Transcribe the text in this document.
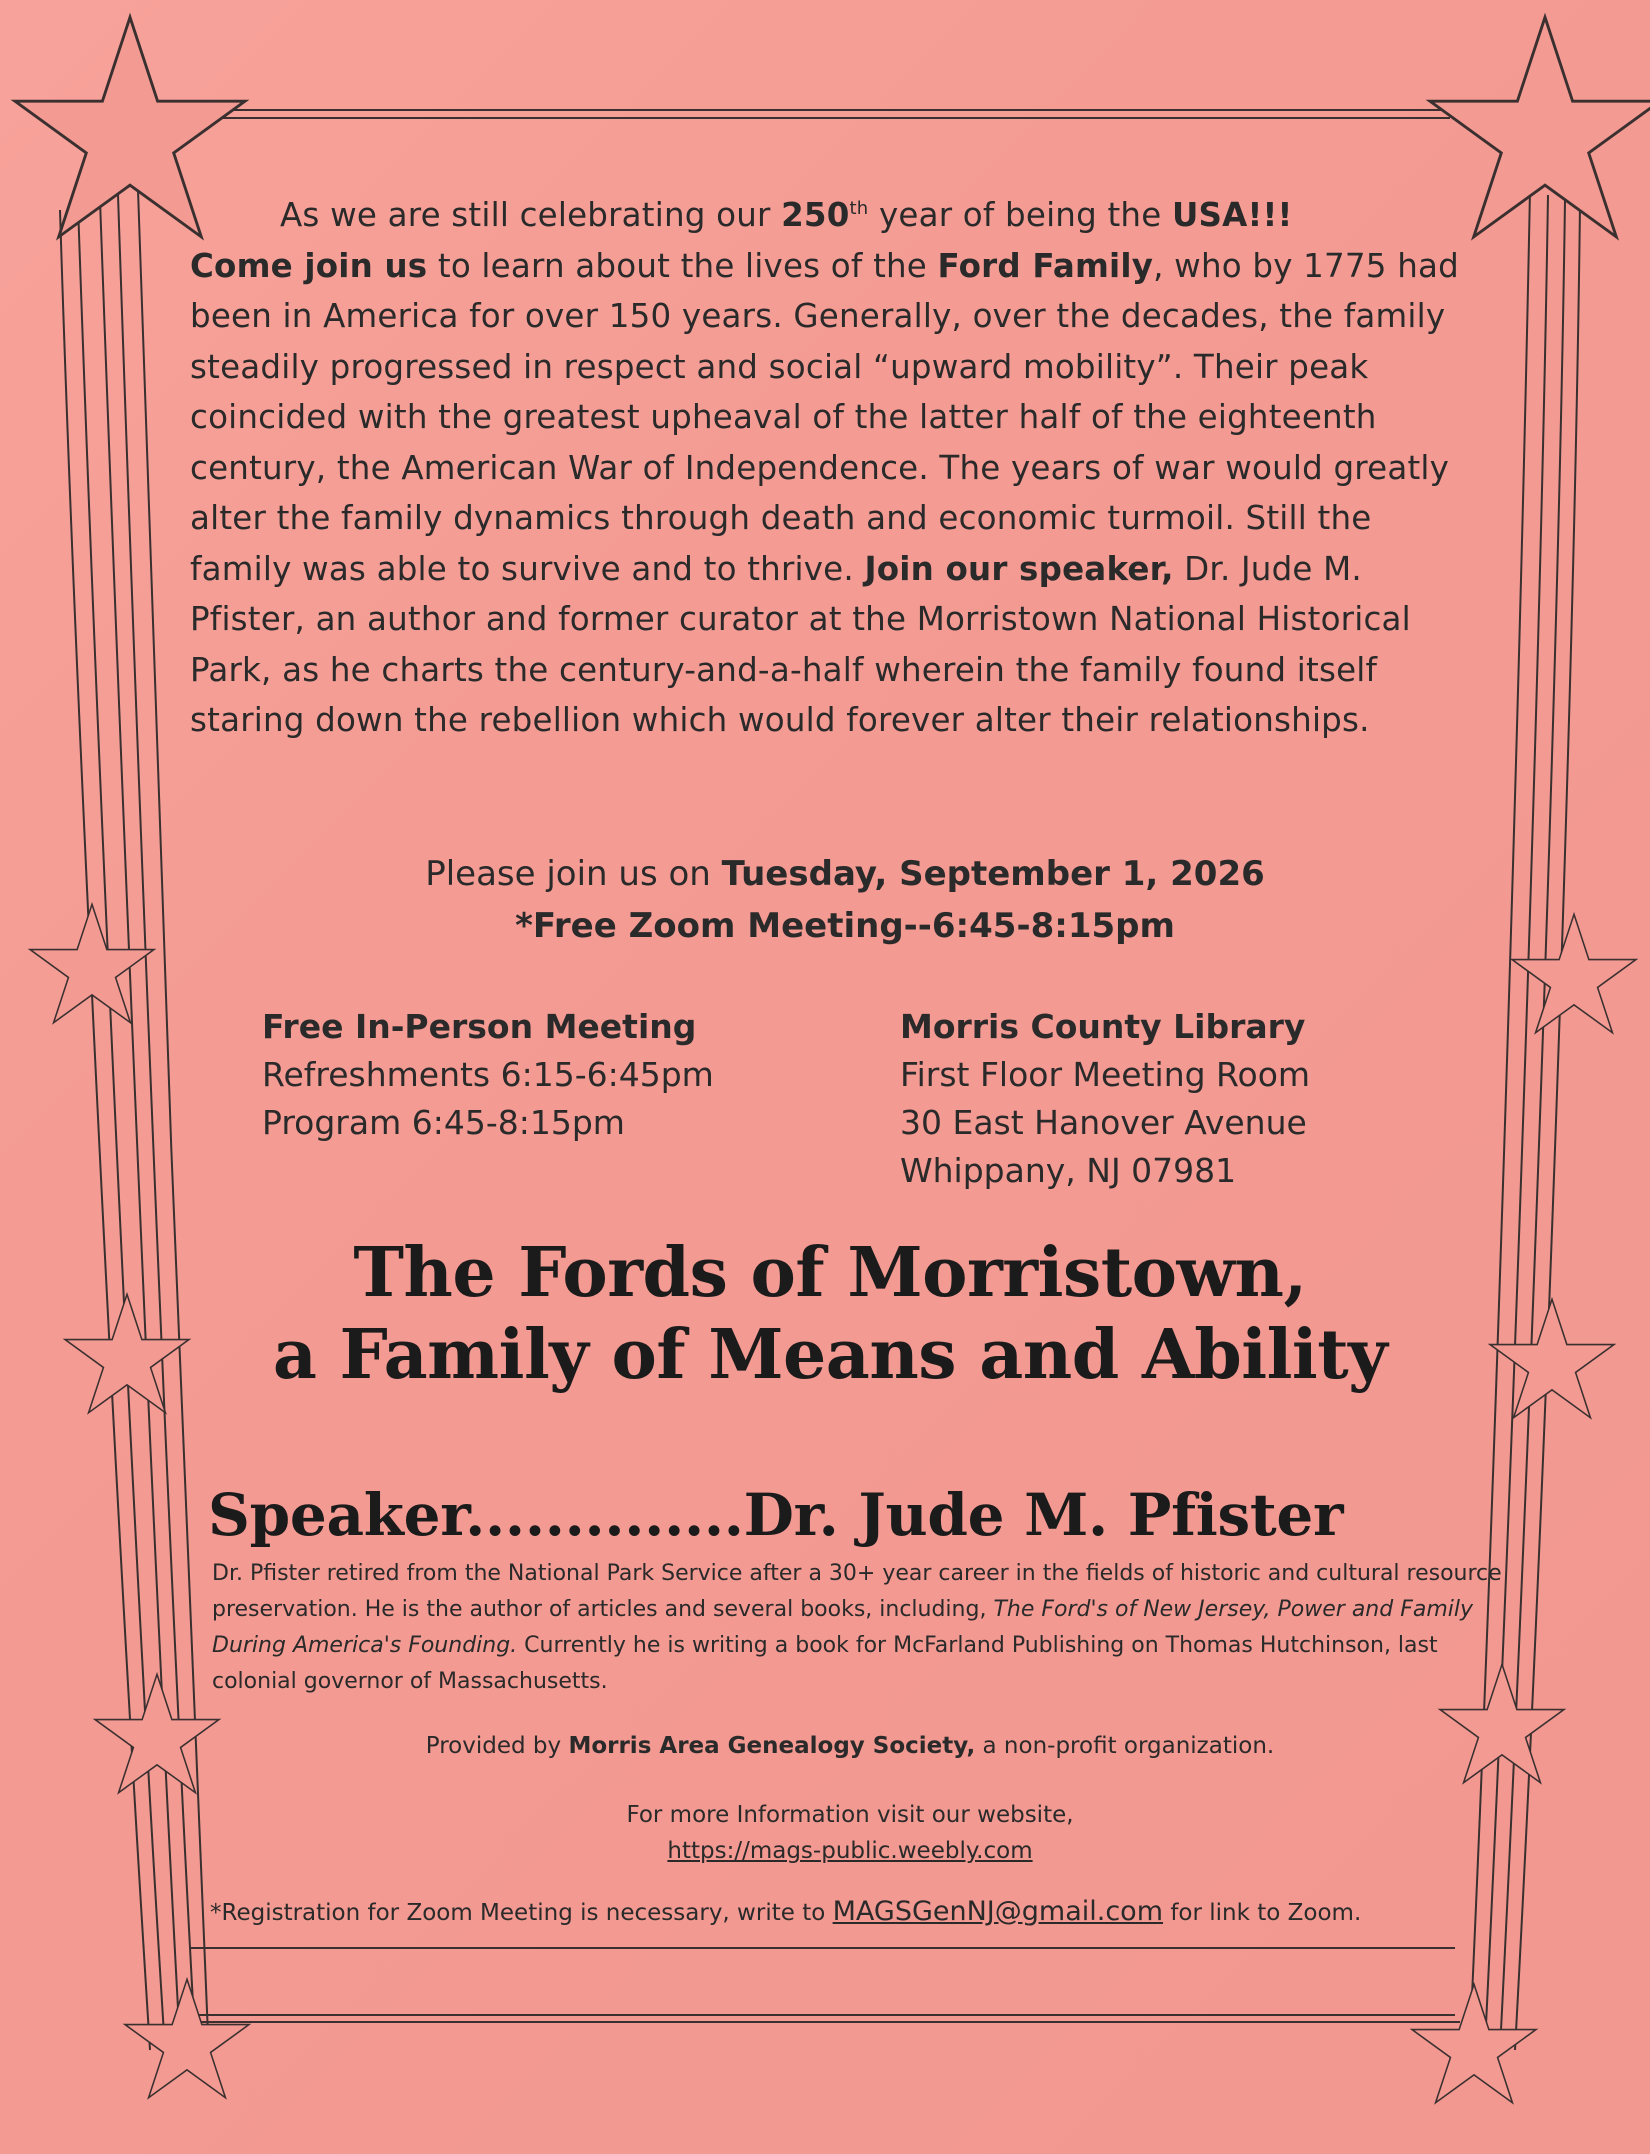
As we are still celebrating our 250th year of being the USA!!!

Come join us to learn about the lives of the Ford Family, who by 1775 had been in America for over 150 years. Generally, over the decades, the family steadily progressed in respect and social “upward mobility”. Their peak coincided with the greatest upheaval of the latter half of the eighteenth century, the American War of Independence. The years of war would greatly alter the family dynamics through death and economic turmoil. Still the family was able to survive and to thrive. Join our speaker, Dr. Jude M. Pfister, an author and former curator at the Morristown National Historical Park, as he charts the century-and-a-half wherein the family found itself staring down the rebellion which would forever alter their relationships.

Please join us on Tuesday, September 1, 2026
*Free Zoom Meeting--6:45-8:15pm
Free In-Person Meeting
Refreshments 6:15-6:45pm
Program 6:45-8:15pm
Morris County Library
First Floor Meeting Room
30 East Hanover Avenue
Whippany, NJ 07981
The Fords of Morristown,
a Family of Means and Ability
Speaker..............Dr. Jude M. Pfister
Dr. Pfister retired from the National Park Service after a 30+ year career in the fields of historic and cultural resource preservation. He is the author of articles and several books, including, The Ford's of New Jersey, Power and Family During America's Founding. Currently he is writing a book for McFarland Publishing on Thomas Hutchinson, last colonial governor of Massachusetts.
Provided by Morris Area Genealogy Society, a non-profit organization.
For more Information visit our website,
https://mags-public.weebly.com
*Registration for Zoom Meeting is necessary, write to MAGSGenNJ@gmail.com for link to Zoom.
